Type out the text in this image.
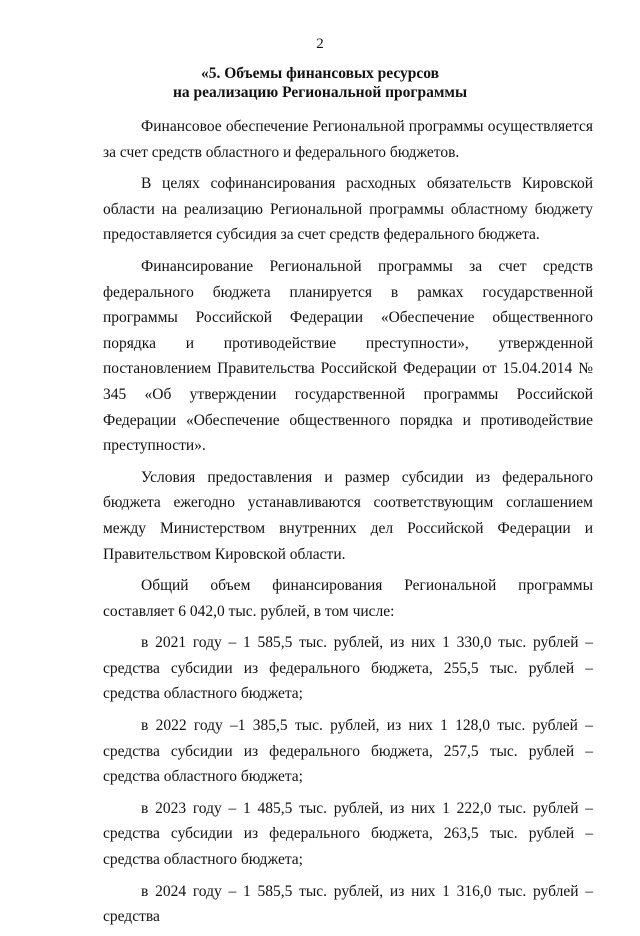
2
«5. Объемы финансовых ресурсов
на реализацию Региональной программы

Финансовое обеспечение Региональной программы осуществляется за счет средств областного и федерального бюджетов.

В целях софинансирования расходных обязательств Кировской области на реализацию Региональной программы областному бюджету предоставляется субсидия за счет средств федерального бюджета.

Финансирование Региональной программы за счет средств федерального бюджета планируется в рамках государственной программы Российской Федерации «Обеспечение общественного порядка и противодействие преступности», утвержденной постановлением Правительства Российской Федерации от 15.04.2014 № 345 «Об утверждении государственной программы Российской Федерации «Обеспечение общественного порядка и противодействие преступности».

Условия предоставления и размер субсидии из федерального бюджета ежегодно устанавливаются соответствующим соглашением между Министерством внутренних дел Российской Федерации и Правительством Кировской области.

Общий объем финансирования Региональной программы составляет 6 042,0 тыс. рублей, в том числе:

в 2021 году – 1 585,5 тыс. рублей, из них 1 330,0 тыс. рублей – средства субсидии из федерального бюджета, 255,5 тыс. рублей – средства областного бюджета;

в 2022 году –1 385,5 тыс. рублей, из них 1 128,0 тыс. рублей – средства субсидии из федерального бюджета, 257,5 тыс. рублей – средства областного бюджета;

в 2023 году – 1 485,5 тыс. рублей, из них 1 222,0 тыс. рублей – средства субсидии из федерального бюджета, 263,5 тыс. рублей – средства областного бюджета;

в 2024 году – 1 585,5 тыс. рублей, из них 1 316,0 тыс. рублей – средства
